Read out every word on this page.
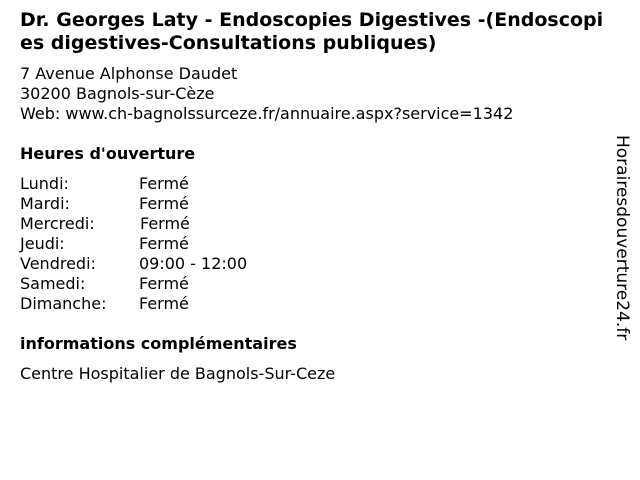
Dr. Georges Laty - Endoscopies Digestives -(Endoscopies digestives-Consultations publiques)
7 Avenue Alphonse Daudet
30200 Bagnols-sur-Cèze
Web: www.ch-bagnolssurceze.fr/annuaire.aspx?service=1342
Heures d'ouverture
Lundi:	Fermé
Mardi:	Fermé
Mercredi:	Fermé
Jeudi:	Fermé
Vendredi:	09:00 - 12:00
Samedi:	Fermé
Dimanche:	Fermé
informations complémentaires
Centre Hospitalier de Bagnols-Sur-Ceze
Horairesdouverture24.fr
